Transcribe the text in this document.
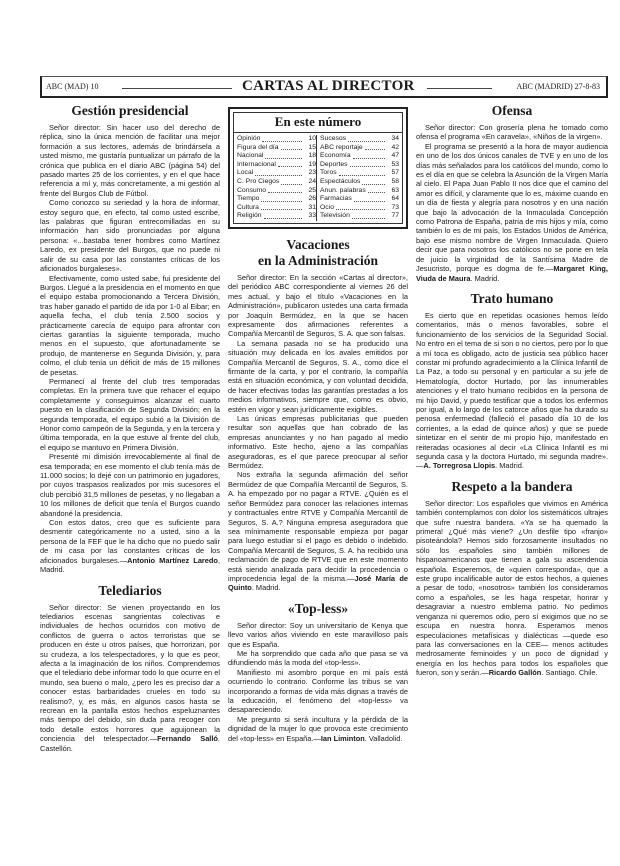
ABC (MAD) 10	CARTAS AL DIRECTOR	ABC (MADRID) 27-8-83
Gestión presidencial

Señor director: Sin hacer uso del derecho de réplica, sino la única mención de facilitar una mejor formación a sus lectores, además de brindársela a usted mismo, me gustaría puntualizar un párrafo de la crónica que publica en el diario ABC (página 54) del pasado martes 25 de los corrientes, y en el que hace referencia a mí y, más concretamente, a mi gestión al frente del Burgos Club de Fútbol.

Como conozco su seriedad y la hora de informar, estoy seguro que, en efecto, tal como usted escribe, las palabras que figuran entrecomilladas en su información han sido pronunciadas por alguna persona: «...bastaba tener hombres como Martínez Laredo, ex presidente del Burgos, que no puede ni salir de su casa por las constantes críticas de los aficionados burgaleses».

Efectivamente, como usted sabe, fui presidente del Burgos. Llegué a la presidencia en el momento en que el equipo estaba promocionando a Tercera División, tras haber ganado el partido de ida por 1-0 al Eibar; en aquella fecha, el club tenía 2.500 socios y prácticamente carecía de equipo para afrontar con ciertas garantías la siguiente temporada, mucho menos en el supuesto, que afortunadamente se produjo, de mantenerse en Segunda División, y, para colmo, el club tenía un déficit de más de 15 millones de pesetas.

Permanecí al frente del club tres temporadas completas. En la primera tuve que rehacer el equipo completamente y conseguimos alcanzar el cuarto puesto en la clasificación de Segunda División; en la segunda temporada, el equipo subió a la División de Honor como campeón de la Segunda, y en la tercera y última temporada, en la que estuve al frente del club, el equipo se mantuvo en Primera División.

Presenté mi dimisión irrevocablemente al final de esa temporada; en ese momento el club tenía más de 11.000 socios; lo dejé con un patrimonio en jugadores, por cuyos traspasos realizados por mis sucesores el club percibió 31,5 millones de pesetas, y no llegaban a 10 los millones de deficit que tenía el Burgos cuando abandoné la presidencia.

Con estos datos, creo que es suficiente para desmentir categóricamente no a usted, sino a la persona de la FEF que le ha dicho que no puedo salir de mi casa por las constantes críticas de los aficionados burgaleses.—Antonio Martínez Laredo, Madrid.

Telediarios

Señor director: Se vienen proyectando en los telediarios escenas sangrientas colectivas e individuales de hechos ocurridos con motivo de conflictos de guerra o actos terroristas que se producen en éste u otros países, que horrorizan, por su crudeza, a los telespectadores, y lo que es peor, afecta a la imaginación de los niños. Comprendemos que el telediario debe informar todo lo que ocurre en el mundo, sea bueno o malo, ¿pero les es preciso dar a conocer estas barbaridades crueles en todo su realismo?, y, es más, en algunos casos hasta se recrean en la pantalla estos hechos espeluznantes más tiempo del debido, sin duda para recoger con todo detalle estos horrores que aguijonean la conciencia del telespectador.—Fernando Salló. Castellón.

En este número
Opinión	10
Figura del día	15
Nacional	18
Internacional	19
Local	23
C. Pro Ciegos	24
Consumo	25
Tiempo	26
Cultura	31
Religión	33
Sucesos	34
ABC reportaje	42
Economía	47
Deportes	53
Toros	57
Espectáculos	58
Anun. palabras	63
Farmacias	64
Ocio	73
Televisión	77
Vacaciones
en la Administración

Señor director: En la sección «Cartas al director», del periódico ABC correspondiente al viernes 26 del mes actual, y bajo el título «Vacaciones en la Administración», publicaron ustedes una carta firmada por Joaquín Bermúdez, en la que se hacen expresamente dos afirmaciones referentes a Compañía Mercantil de Seguros, S. A. que son falsas.

La semana pasada no se ha producido una situación muy delicada en los avales emitidos por Compañía Mercantil de Seguros, S. A., como dice el firmante de la carta, y por el contrario, la compañía está en situación económica, y con voluntad decidida, de hacer efectivas todas las garantías prestadas a los medios informativos, siempre que, como es obvio, estén en vigor y sean jurídicamente exigibles.

Las únicas empresas publicitarias que pueden resultar son aquellas que han cobrado de las empresas anunciantes y no han pagado al medio informativo. Este hecho, ajeno a las compañías aseguradoras, es el que parece preocupar al señor Bermúdez.

Nos extraña la segunda afirmación del señor Bermúdez de que Compañía Mercantil de Seguros, S. A. ha empezado por no pagar a RTVE. ¿Quién es el señor Bermúdez para conocer las relaciones internas y contractuales entre RTVE y Compañía Mercantil de Seguros, S. A.? Ninguna empresa aseguradora que sea mínimamente responsable empieza por pagar para luego estudiar si el pago es debido o indebido. Compañía Mercantil de Seguros, S. A. ha recibido una reclamación de pago de RTVE que en este momento está siendo analizada para decidir la procedencia o improcedencia legal de la misma.—José María de Quinto. Madrid.

«Top-less»

Señor director: Soy un universitario de Kenya que llevo varios años viviendo en este maravilloso país que es España.

Me ha sorprendido que cada año que pasa se va difundiendo más la moda del «top-less».

Manifiesto mi asombro porque en mi país está ocurriendo lo contrario. Conforme las tribus se van incorporando a formas de vida más dignas a través de la educación, el fenómeno del «top-less» va desapareciendo.

Me pregunto si será incultura y la pérdida de la dignidad de la mujer lo que provoca este crecimiento del «top-less» en España.—Ian Liminton. Valladolid.

Ofensa

Señor director: Con grosería plena he tomado como ofensa el programa «En caravela», «Niños de la virgen».

El programa se presentó a la hora de mayor audiencia en uno de los dos únicos canales de TVE y en uno de los días más señalados para los católicos del mundo, como lo es el día en que se celebra la Asunción de la Virgen María al cielo. El Papa Juan Pablo II nos dice que el camino del amor es difícil, y claramente que lo es, máxime cuando en un día de fiesta y alegría para nosotros y en una nación que bajo la advocación de la Inmaculada Concepción como Patrona de España, patria de mis hijos y mía, como también lo es de mi país, los Estados Unidos de América, bajo ese mismo nombre de Virgen Inmaculada. Quiero decir que para nosotros los católicos no se pone en tela de juicio la virginidad de la Santísima Madre de Jesucristo, porque es dogma de fe.—Margaret King, Viuda de Maura. Madrid.

Trato humano

Es cierto que en repetidas ocasiones hemos leído comentarios, más o menos favorables, sobre el funcionamiento de los servicios de la Seguridad Social. No entro en el tema de si son o no ciertos, pero por lo que a mí toca es obligado, acto de justicia sea público hacer constar mi profundo agradecimiento a la Clínica Infantil de La Paz, a todo su personal y en particular a su jefe de Hematología, doctor Hurtado, por las innumerables atenciones y el trato humano recibidos en la persona de mi hijo David, y puedo testificar que a todos los enfermos por igual, a lo largo de los catorce años que ha durado su penosa enfermedad (falleció el pasado día 10 de los corrientes, a la edad de quince años) y que se puede sintetizar en el sentir de mi propio hijo, manifestado en reiteradas ocasiones al decir «La Clínica Infantil es mi segunda casa y la doctora Hurtado, mi segunda madre».—A. Torregrosa Llopis. Madrid.

Respeto a la bandera

Señor director: Los españoles que vivimos en América también contemplamos con dolor los sistemáticos ultrajes que sufre nuestra bandera. «Ya se ha quemado la primera! ¿Qué más viene? ¿Un desfile tipo «franjo» pisoteándola? Hemos sido forzosamente insultados no sólo los españoles sino también millones de hispanoamericanos que tienen a gala su ascendencia española. Esperemos, de «quien corresponda», que a este grupo incalificable autor de estos hechos, a quienes a pesar de todo, «nosotros» también los consideramos como a españoles, se les haga respetar, honrar y desagraviar a nuestro emblema patrio. No pedimos venganza ni queremos odio, pero sí exigimos que no se escupa en nuestra honra. Esperamos menos especulaciones metafísicas y dialécticas —quede eso para las conversaciones en la CEE— menos actitudes medrosamente feminoides y un poco de dignidad y energía en los hechos para todos los españoles que fueron, son y serán.—Ricardo Gallón. Santiago. Chile.
